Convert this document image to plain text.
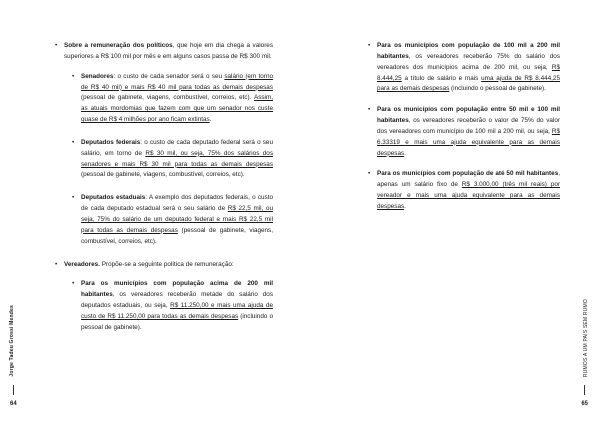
• Sobre a remuneração dos políticos, que hoje em dia chega a valores superiores a R$ 100 mil por mês e em alguns casos passa de R$ 300 mil.
• Senadores: o custo de cada senador será o seu salário (em torno de R$ 40 mil) e mais R$ 40 mil para todas as demais despesas (pessoal de gabinete, viagens, combustível, correios, etc). Assim, as atuais mordomias que fazem com que um senador nos custe quase de R$ 4 milhões por ano ficam extintas.
• Deputados federais: o custo de cada deputado federal será o seu salário, em torno de R$ 30 mil, ou seja, 75% dos salários dos senadores e mais R$ 30 mil para todas as demais despesas (pessoal de gabinete, viagens, combustível, correios, etc).
• Deputados estaduais: A exemplo dos deputados federais, o custo de cada deputado estadual será o seu salário de R$ 22,5 mil, ou seja, 75% do salário de um deputado federal e mais R$ 22,5 mil para todas as demais despesas (pessoal de gabinete, viagens, combustível, correios, etc).
• Vereadores. Propõe-se a seguinte política de remuneração:
• Para os municípios com população acima de 200 mil habitantes, os vereadores receberão metade do salário dos deputados estaduais, ou seja, R$ 11.250,00 e mais uma ajuda de custo de R$ 11.250,00 para todas as demais despesas (incluindo o pessoal de gabinete).
Jorge Tadeu Grossi Mendes
64
• Para os municípios com população de 100 mil a 200 mil habitantes, os vereadores receberão 75% do salário dos vereadores dos municípios acima de 200 mil, ou seja, R$ 8.444,25 a título de salário e mais uma ajuda de R$ 8.444,25 para as demais despesas (incluindo o pessoal de gabinete).
• Para os municípios com população entre 50 mil e 100 mil habitantes, os vereadores receberão o valor de 75% do valor dos vereadores com município de 100 mil a 200 mil, ou seja, R$ 6.33319 e mais uma ajuda equivalente para as demais despesas.
• Para os municípios com população de até 50 mil habitantes, apenas um salário fixo de R$ 3.000,00 (três mil reais) por vereador e mais uma ajuda equivalente para as demais despesas.
RUMOS A UM PAÍS SEM RUMO
65
